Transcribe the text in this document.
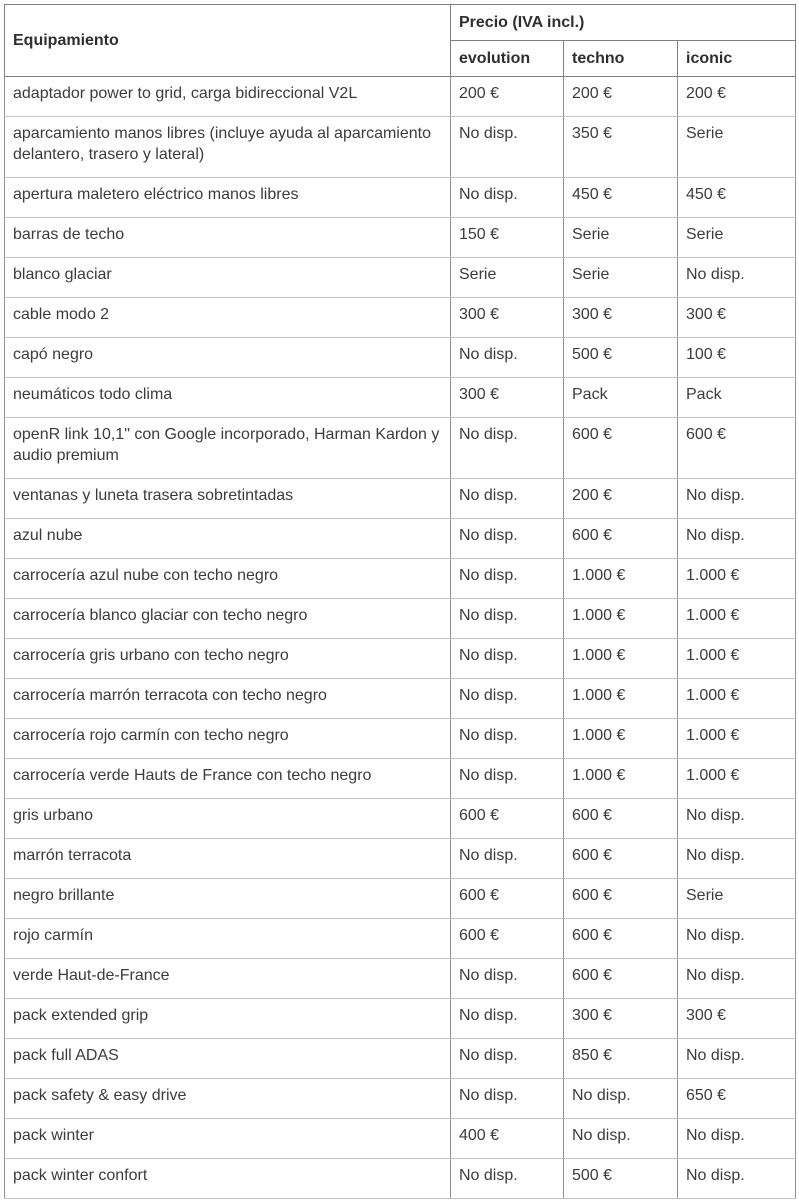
Equipamiento	Precio (IVA incl.)		
	evolution	techno	iconic
adaptador power to grid, carga bidireccional V2L	200 €	200 €	200 €
aparcamiento manos libres (incluye ayuda al aparcamiento delantero, trasero y lateral)	No disp.	350 €	Serie
apertura maletero eléctrico manos libres	No disp.	450 €	450 €
barras de techo	150 €	Serie	Serie
blanco glaciar	Serie	Serie	No disp.
cable modo 2	300 €	300 €	300 €
capó negro	No disp.	500 €	100 €
neumáticos todo clima	300 €	Pack	Pack
openR link 10,1" con Google incorporado, Harman Kardon y audio premium	No disp.	600 €	600 €
ventanas y luneta trasera sobretintadas	No disp.	200 €	No disp.
azul nube	No disp.	600 €	No disp.
carrocería azul nube con techo negro	No disp.	1.000 €	1.000 €
carrocería blanco glaciar con techo negro	No disp.	1.000 €	1.000 €
carrocería gris urbano con techo negro	No disp.	1.000 €	1.000 €
carrocería marrón terracota con techo negro	No disp.	1.000 €	1.000 €
carrocería rojo carmín con techo negro	No disp.	1.000 €	1.000 €
carrocería verde Hauts de France con techo negro	No disp.	1.000 €	1.000 €
gris urbano	600 €	600 €	No disp.
marrón terracota	No disp.	600 €	No disp.
negro brillante	600 €	600 €	Serie
rojo carmín	600 €	600 €	No disp.
verde Haut-de-France	No disp.	600 €	No disp.
pack extended grip	No disp.	300 €	300 €
pack full ADAS	No disp.	850 €	No disp.
pack safety & easy drive	No disp.	No disp.	650 €
pack winter	400 €	No disp.	No disp.
pack winter confort	No disp.	500 €	No disp.
